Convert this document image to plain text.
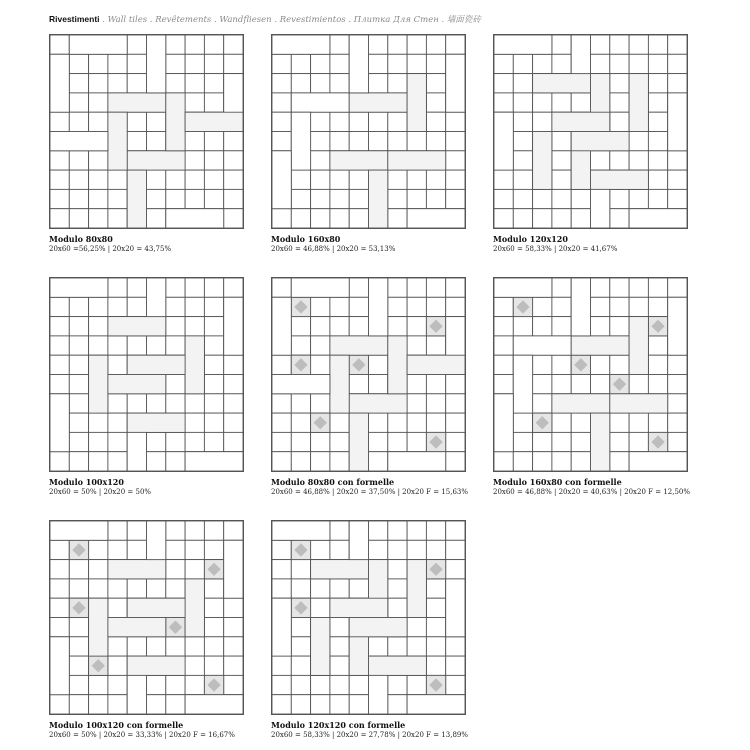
Rivestimenti . Wall tiles . Revêtements . Wandfliesen . Revestimientos . Плитка Для Стен . 墙面瓷砖
Modulo 80x80
20x60 =56,25% | 20x20 = 43,75%
Modulo 160x80
20x60 = 46,88% | 20x20 = 53,13%
Modulo 120x120
20x60 = 58,33% | 20x20 = 41,67%
Modulo 100x120
20x60 = 50% | 20x20 = 50%
Modulo 80x80 con formelle
20x60 = 46,88% | 20x20 = 37,50% | 20x20 F = 15,63%
Modulo 160x80 con formelle
20x60 = 46,88% | 20x20 = 40,63% | 20x20 F = 12,50%
Modulo 100x120 con formelle
20x60 = 50% | 20x20 = 33,33% | 20x20 F = 16,67%
Modulo 120x120 con formelle
20x60 = 58,33% | 20x20 = 27,78% | 20x20 F = 13,89%
